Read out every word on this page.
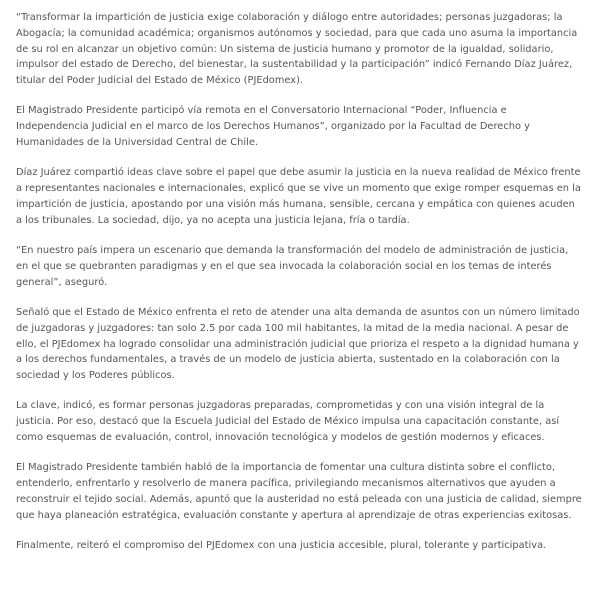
“Transformar la impartición de justicia exige colaboración y diálogo entre autoridades; personas juzgadoras; la Abogacía; la comunidad académica; organismos autónomos y sociedad, para que cada uno asuma la importancia de su rol en alcanzar un objetivo común: Un sistema de justicia humano y promotor de la igualdad, solidario, impulsor del estado de Derecho, del bienestar, la sustentabilidad y la participación” indicó Fernando Díaz Juárez, titular del Poder Judicial del Estado de México (PJEdomex).

El Magistrado Presidente participó vía remota en el Conversatorio Internacional “Poder, Influencia e Independencia Judicial en el marco de los Derechos Humanos”, organizado por la Facultad de Derecho y Humanidades de la Universidad Central de Chile.

Díaz Juárez compartió ideas clave sobre el papel que debe asumir la justicia en la nueva realidad de México frente a representantes nacionales e internacionales, explicó que se vive un momento que exige romper esquemas en la impartición de justicia, apostando por una visión más humana, sensible, cercana y empática con quienes acuden a los tribunales. La sociedad, dijo, ya no acepta una justicia lejana, fría o tardía.

“En nuestro país impera un escenario que demanda la transformación del modelo de administración de justicia, en el que se quebranten paradigmas y en el que sea invocada la colaboración social en los temas de interés general”, aseguró.

Señaló que el Estado de México enfrenta el reto de atender una alta demanda de asuntos con un número limitado de juzgadoras y juzgadores: tan solo 2.5 por cada 100 mil habitantes, la mitad de la media nacional. A pesar de ello, el PJEdomex ha logrado consolidar una administración judicial que prioriza el respeto a la dignidad humana y a los derechos fundamentales, a través de un modelo de justicia abierta, sustentado en la colaboración con la sociedad y los Poderes públicos.

La clave, indicó, es formar personas juzgadoras preparadas, comprometidas y con una visión integral de la justicia. Por eso, destacó que la Escuela Judicial del Estado de México impulsa una capacitación constante, así como esquemas de evaluación, control, innovación tecnológica y modelos de gestión modernos y eficaces.

El Magistrado Presidente también habló de la importancia de fomentar una cultura distinta sobre el conflicto, entenderlo, enfrentarlo y resolverlo de manera pacífica, privilegiando mecanismos alternativos que ayuden a reconstruir el tejido social. Además, apuntó que la austeridad no está peleada con una justicia de calidad, siempre que haya planeación estratégica, evaluación constante y apertura al aprendizaje de otras experiencias exitosas.

Finalmente, reiteró el compromiso del PJEdomex con una justicia accesible, plural, tolerante y participativa.
